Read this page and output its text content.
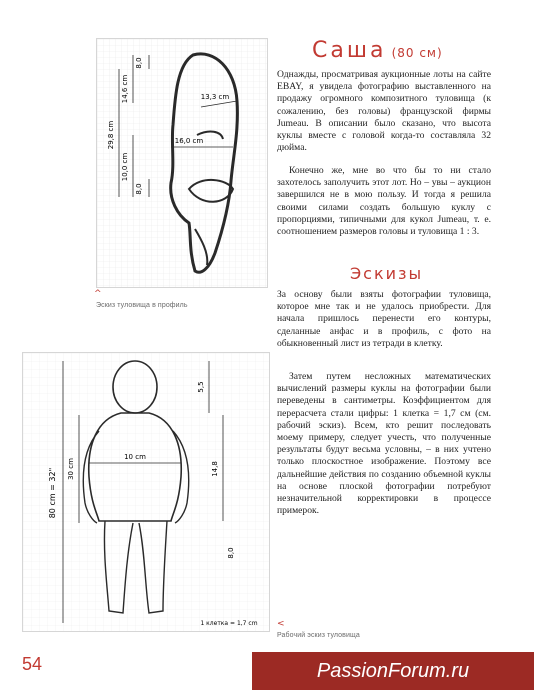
8,0
14,6 cm
29,8 cm
10,0 cm
8,0
13,3 cm
16,0 cm
^
Эскиз туловища в профиль
80 cm = 32" 30 cm	14,8
5,5
8,0
10 cm
1 клетка = 1,7 cm <
Рабочий эскиз туловища
Саша (80 см)

Однажды, просматривая аукционные лоты на сайте EBAY, я увидела фотографию выставленного на продажу огромного композитного туловища (к сожалению, без головы) французской фирмы Jumeau. В описании было сказано, что высота куклы вместе с головой когда-то составляла 32 дюйма.

Конечно же, мне во что бы то ни стало захотелось заполучить этот лот. Но – увы – аукцион завершился не в мою пользу. И тогда я решила своими силами создать большую куклу с пропорциями, типичными для кукол Jumeau, т. е. соотношением размеров головы и туловища 1 : 3.

Эскизы

За основу были взяты фотографии туловища, которое мне так и не удалось приобрести. Для начала пришлось перенести его контуры, сделанные анфас и в профиль, с фото на обыкновенный лист из тетради в клетку.

Затем путем несложных математических вычислений размеры куклы на фотографии были переведены в сантиметры. Коэффициентом для перерасчета стали цифры: 1 клетка = 1,7 см (см. рабочий эскиз). Всем, кто решит последовать моему примеру, следует учесть, что полученные результаты будут весьма условны, – в них учтено только плоскостное изображение. Поэтому все дальнейшие действия по созданию объемной куклы на основе плоской фотографии потребуют незначительной корректировки в процессе примерок.

54	PassionForum.ru
